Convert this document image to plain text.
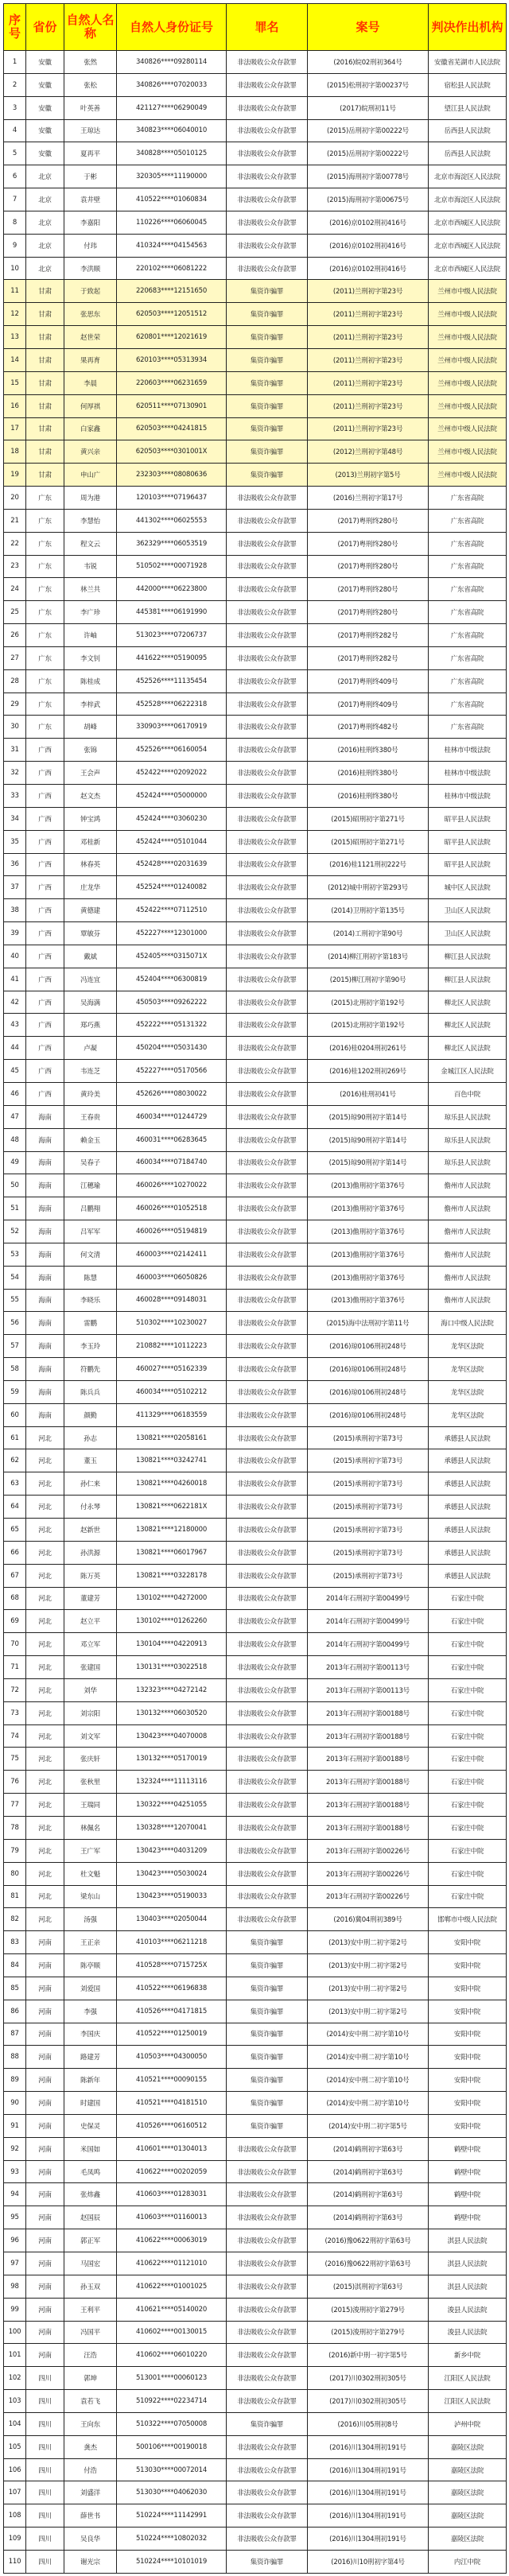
序号	省份	自然人名称	自然人身份证号	罪名	案号	判决作出机构
1	安徽	张然	340826****09280114	非法吸收公众存款罪	(2016)皖02刑初364号	安徽省芜湖市人民法院
2	安徽	张松	340826****07020033	非法吸收公众存款罪	(2015)松刑初字第00237号	宿松县人民法院
3	安徽	叶英善	421127****06290049	非法吸收公众存款罪	(2017)皖刑初11号	望江县人民法院
4	安徽	王琼达	340823****06040010	非法吸收公众存款罪	(2015)岳刑初字第00222号	岳西县人民法院
5	安徽	夏再平	340828****05010125	非法吸收公众存款罪	(2015)岳刑初字第00222号	岳西县人民法院
6	北京	于彬	320305****11190000	非法吸收公众存款罪	(2015)海刑初字第00778号	北京市海淀区人民法院
7	北京	袁井壁	410522****01060834	非法吸收公众存款罪	(2015)海刑初字第00675号	北京市海淀区人民法院
8	北京	李嘉阳	110226****06060045	非法吸收公众存款罪	(2016)京0102刑初416号	北京市西城区人民法院
9	北京	付玮	410324****04154563	非法吸收公众存款罪	(2016)京0102刑初416号	北京市西城区人民法院
10	北京	李洪顺	220102****06081222	非法吸收公众存款罪	(2016)京0102刑初416号	北京市西城区人民法院
11	甘肃	于致起	220683****12151650	集资诈骗罪	(2011)兰刑初字第23号	兰州市中级人民法院
12	甘肃	张思东	620503****12051512	集资诈骗罪	(2011)兰刑初字第23号	兰州市中级人民法院
13	甘肃	赵世荣	620801****12021619	集资诈骗罪	(2011)兰刑初字第23号	兰州市中级人民法院
14	甘肃	果再育	620103****05313934	集资诈骗罪	(2011)兰刑初字第23号	兰州市中级人民法院
15	甘肃	李晨	220603****06231659	集资诈骗罪	(2011)兰刑初字第23号	兰州市中级人民法院
16	甘肃	何厚祺	620511****07130901	集资诈骗罪	(2011)兰刑初字第23号	兰州市中级人民法院
17	甘肃	白家鑫	620503****04241815	集资诈骗罪	(2011)兰刑初字第23号	兰州市中级人民法院
18	甘肃	黄兴亲	620503****0301001X	集资诈骗罪	(2012)兰刑初字第48号	兰州市中级人民法院
19	甘肃	申山广	232303****08080636	集资诈骗罪	(2013)兰刑初字第5号	兰州市中级人民法院
20	广东	周为港	120103****07196437	非法吸收公众存款罪	(2016)兰刑初字第17号	广东省高院
21	广东	李慧怡	441302****06025553	非法吸收公众存款罪	(2017)粤刑终280号	广东省高院
22	广东	程文云	362329****06053519	非法吸收公众存款罪	(2017)粤刑终280号	广东省高院
23	广东	韦锐	510502****00071928	非法吸收公众存款罪	(2017)粤刑终280号	广东省高院
24	广东	林兰共	442000****06223800	非法吸收公众存款罪	(2017)粤刑终280号	广东省高院
25	广东	李广珍	445381****06191990	非法吸收公众存款罪	(2017)粤刑终280号	广东省高院
26	广东	许岫	513023****07206737	非法吸收公众存款罪	(2017)粤刑终282号	广东省高院
27	广东	李文钊	441622****05190095	非法吸收公众存款罪	(2017)粤刑终282号	广东省高院
28	广东	陈桂成	452526****11135454	非法吸收公众存款罪	(2017)粤刑终409号	广东省高院
29	广东	李梓武	452528****06222318	非法吸收公众存款罪	(2017)粤刑终409号	广东省高院
30	广东	胡峰	330903****06170919	非法吸收公众存款罪	(2017)粤刑终482号	广东省高院
31	广西	张锦	452526****06160054	非法吸收公众存款罪	(2016)桂刑终380号	桂林市中级法院
32	广西	王会声	452422****02092022	非法吸收公众存款罪	(2016)桂刑终380号	桂林市中级法院
33	广西	赵文杰	452424****05000000	非法吸收公众存款罪	(2016)桂刑终380号	桂林市中级法院
34	广西	钟宝鸿	452424****03060230	非法吸收公众存款罪	(2015)昭刑初字第271号	昭平县人民法院
35	广西	邓桂新	452424****05101044	非法吸收公众存款罪	(2015)昭刑初字第271号	昭平县人民法院
36	广西	林春英	452428****02031639	非法吸收公众存款罪	(2016)桂1121刑初222号	昭平县人民法院
37	广西	庄龙华	452524****01240082	非法吸收公众存款罪	(2012)城中刑初字第293号	城中区人民法院
38	广西	黄德建	452422****07112510	非法吸收公众存款罪	(2014)卫刑初字第135号	卫山区人民法院
39	广西	覃敏芬	452227****12301000	非法吸收公众存款罪	(2014)工刑初字第90号	卫山区人民法院
40	广西	戴斌	452405****0315071X	非法吸收公众存款罪	(2014)柳江刑初字第183号	柳江县人民法院
41	广西	冯连宜	452404****06300819	非法吸收公众存款罪	(2015)柳江刑初字第90号	柳江县人民法院
42	广西	吴海满	450503****09262222	非法吸收公众存款罪	(2015)北刑初字第192号	柳北区人民法院
43	广西	郑巧燕	452222****05131322	非法吸收公众存款罪	(2015)北刑初字第192号	柳北区人民法院
44	广西	卢凝	450204****05031430	非法吸收公众存款罪	(2016)桂0204刑初261号	柳北区人民法院
45	广西	韦连芝	452227****05170566	非法吸收公众存款罪	(2016)桂1202刑初269号	金城江区人民法院
46	广西	黄玲美	452626****08030022	非法吸收公众存款罪	(2016)桂刑初41号	百色中院
47	海南	王春贵	460034****01244729	非法吸收公众存款罪	(2015)琼90刑初字第14号	琼乐县人民法院
48	海南	赖金玉	460031****06283645	非法吸收公众存款罪	(2015)琼90刑初字第14号	琼乐县人民法院
49	海南	吴春子	460034****07184740	非法吸收公众存款罪	(2015)琼90刑初字第14号	琼乐县人民法院
50	海南	江穗瑜	460026****10270022	非法吸收公众存款罪	(2013)儋刑初字第376号	儋州市人民法院
51	海南	吕鹏翔	460026****01052518	非法吸收公众存款罪	(2013)儋刑初字第376号	儋州市人民法院
52	海南	吕军军	460026****05194819	非法吸收公众存款罪	(2013)儋刑初字第376号	儋州市人民法院
53	海南	何文清	460003****02142411	非法吸收公众存款罪	(2013)儋刑初字第376号	儋州市人民法院
54	海南	陈慧	460003****06050826	非法吸收公众存款罪	(2013)儋刑初字第376号	儋州市人民法院
55	海南	李晓乐	460028****09148031	非法吸收公众存款罪	(2013)儋刑初字第376号	儋州市人民法院
56	海南	雷鹏	510302****10230027	非法吸收公众存款罪	(2015)海中法刑初字第11号	海口中级人民法院
57	海南	李玉玲	210882****10112223	非法吸收公众存款罪	(2016)琼0106刑初248号	龙华区法院
58	海南	符鹏先	460027****05162339	非法吸收公众存款罪	(2016)琼0106刑初248号	龙华区法院
59	海南	陈兵兵	460034****05102212	非法吸收公众存款罪	(2016)琼0106刑初248号	龙华区法院
60	海南	颜勤	411329****06183559	非法吸收公众存款罪	(2016)琼0106刑初248号	龙华区法院
61	河北	孙志	130821****02058161	非法吸收公众存款罪	(2015)承刑初字第73号	承德县人民法院
62	河北	董玉	130821****03242741	非法吸收公众存款罪	(2015)承刑初字第73号	承德县人民法院
63	河北	孙仁来	130821****04260018	非法吸收公众存款罪	(2015)承刑初字第73号	承德县人民法院
64	河北	付永琴	130821****0622181X	非法吸收公众存款罪	(2015)承刑初字第73号	承德县人民法院
65	河北	赵新世	130821****12180000	非法吸收公众存款罪	(2015)承刑初字第73号	承德县人民法院
66	河北	孙洪源	130821****06017967	非法吸收公众存款罪	(2015)承刑初字第73号	承德县人民法院
67	河北	陈万英	130821****03228178	非法吸收公众存款罪	(2015)承刑初字第73号	承德县人民法院
68	河北	董建芳	130102****04272000	非法吸收公众存款罪	2014年石刑初字第00499号	石家庄中院
69	河北	赵立平	130102****01262260	非法吸收公众存款罪	2014年石刑初字第00499号	石家庄中院
70	河北	邓立军	130104****04220913	非法吸收公众存款罪	2014年石刑初字第00499号	石家庄中院
71	河北	张建国	130131****03022518	非法吸收公众存款罪	2013年石刑初字第00113号	石家庄中院
72	河北	刘华	132323****04272142	非法吸收公众存款罪	2013年石刑初字第00113号	石家庄中院
73	河北	刘宗阳	130132****06030520	非法吸收公众存款罪	2013年石刑初字第00188号	石家庄中院
74	河北	刘文军	130423****04070008	非法吸收公众存款罪	2013年石刑初字第00188号	石家庄中院
75	河北	张庆轩	130132****05170019	非法吸收公众存款罪	2013年石刑初字第00188号	石家庄中院
76	河北	张秋里	132324****11113116	非法吸收公众存款罪	2013年石刑初字第00188号	石家庄中院
77	河北	王瑞同	130322****04251055	非法吸收公众存款罪	2013年石刑初字第00188号	石家庄中院
78	河北	林佩名	130328****12070041	非法吸收公众存款罪	2013年石刑初字第00188号	石家庄中院
79	河北	王广军	130423****04031209	非法吸收公众存款罪	2013年石刑初字第00226号	石家庄中院
80	河北	杜文魁	130423****05030024	非法吸收公众存款罪	2013年石刑初字第00226号	石家庄中院
81	河北	梁东山	130423****05190033	非法吸收公众存款罪	2013年石刑初字第00226号	石家庄中院
82	河北	汤强	130403****02050044	非法吸收公众存款罪	(2016)冀04刑初389号	邯郸市中级人民法院
83	河南	王正亲	410103****06211218	集资诈骗罪	(2013)安中刑二初字第2号	安阳中院
84	河南	陈亭顺	410528****0715725X	集资诈骗罪	(2013)安中刑二初字第2号	安阳中院
85	河南	刘爱国	410522****06196838	集资诈骗罪	(2013)安中刑二初字第2号	安阳中院
86	河南	李强	410526****04171815	集资诈骗罪	(2013)安中刑二初字第2号	安阳中院
87	河南	李国庆	410522****01250019	集资诈骗罪	(2014)安中刑二初字第10号	安阳中院
88	河南	路建芳	410503****04300050	集资诈骗罪	(2014)安中刑二初字第10号	安阳中院
89	河南	陈新年	410521****00090155	集资诈骗罪	(2014)安中刑二初字第10号	安阳中院
90	河南	时建国	410521****04181510	集资诈骗罪	(2014)安中刑二初字第10号	安阳中院
91	河南	史保灵	410526****06160512	集资诈骗罪	(2014)安中刑二初字第5号	安阳中院
92	河南	米国如	410601****01304013	非法吸收公众存款罪	(2014)鹤刑初字第63号	鹤壁中院
93	河南	毛凤鸣	410622****00202059	非法吸收公众存款罪	(2014)鹤刑初字第63号	鹤壁中院
94	河南	张炜鑫	410603****01283031	非法吸收公众存款罪	(2014)鹤刑初字第63号	鹤壁中院
95	河南	赵国辰	410603****01160013	非法吸收公众存款罪	(2014)鹤刑初字第63号	鹤壁中院
96	河南	郭正军	410622****00063019	非法吸收公众存款罪	(2016)豫0622刑初字第63号	淇县人民法院
97	河南	马国宏	410622****01121010	非法吸收公众存款罪	(2016)豫0622刑初字第63号	淇县人民法院
98	河南	孙玉双	410622****01001025	非法吸收公众存款罪	(2015)淇刑初字第63号	淇县人民法院
99	河南	王利平	410621****05140020	非法吸收公众存款罪	(2015)浚刑初字第279号	浚县人民法院
100	河南	冯国平	410602****00130015	非法吸收公众存款罪	(2015)浚刑初字第279号	浚县人民法院
101	河南	汪浩	410602****06010220	非法吸收公众存款罪	(2016)新中刑一初字第5号	新乡中院
102	四川	郭坤	513001****00060123	非法吸收公众存款罪	(2017)川0302刑初305号	江阳区人民法院
103	四川	袁若飞	510922****02234714	非法吸收公众存款罪	(2017)川0302刑初305号	江阳区人民法院
104	四川	王向东	510322****07050008	集资诈骗罪	(2016)川05刑初8号	泸州中院
105	四川	龚杰	500106****00190018	非法吸收公众存款罪	(2016)川1304刑初191号	嘉陵区法院
106	四川	付浩	513030****00072014	非法吸收公众存款罪	(2016)川1304刑初191号	嘉陵区法院
107	四川	刘盛洋	513030****04062030	非法吸收公众存款罪	(2016)川1304刑初191号	嘉陵区法院
108	四川	薛世书	510224****11142991	非法吸收公众存款罪	(2016)川1304刑初191号	嘉陵区法院
109	四川	吴良华	510224****10802032	非法吸收公众存款罪	(2016)川1304刑初191号	嘉陵区法院
110	四川	谢光宗	510224****10101019	集资诈骗罪	(2016)川10刑初字第4号	内江中院
